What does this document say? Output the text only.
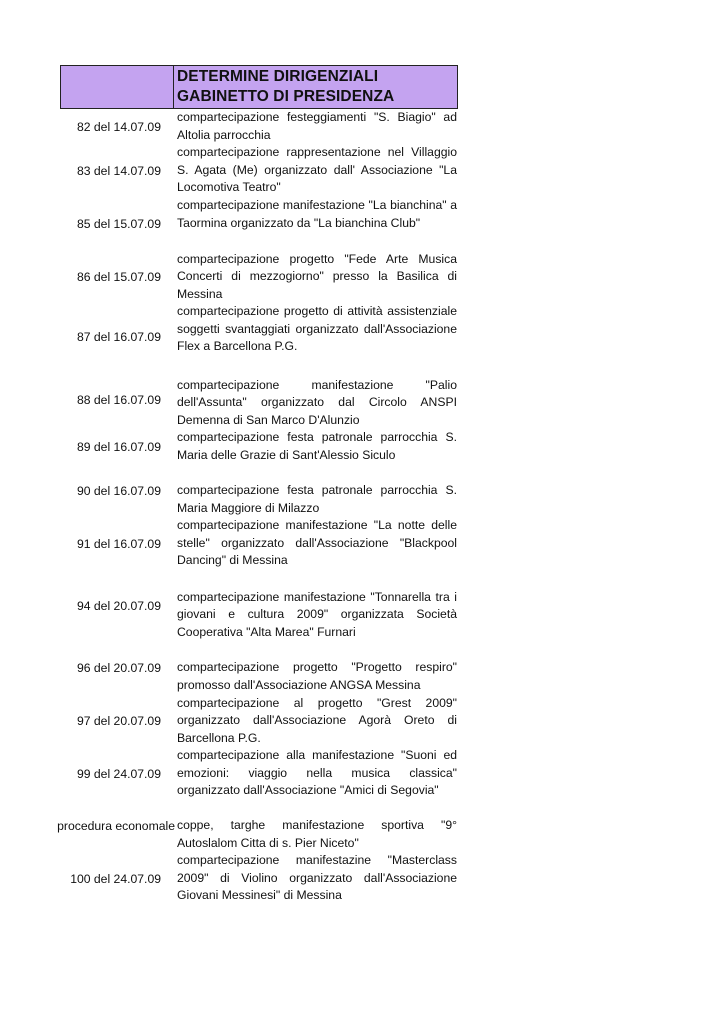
DETERMINE DIRIGENZIALI
GABINETTO DI PRESIDENZA
82 del 14.07.09
compartecipazione festeggiamenti "S. Biagio" ad Altolia parrocchia
83 del 14.07.09
compartecipazione rappresentazione nel Villaggio S. Agata (Me) organizzato dall' Associazione "La Locomotiva Teatro"
85 del 15.07.09
compartecipazione manifestazione "La bianchina" a Taormina organizzato da "La bianchina Club"
86 del 15.07.09
compartecipazione progetto "Fede Arte Musica Concerti di mezzogiorno" presso la Basilica di Messina
87 del 16.07.09
compartecipazione progetto di attività assistenziale soggetti svantaggiati organizzato dall'Associazione Flex a Barcellona P.G.
88 del 16.07.09
compartecipazione manifestazione "Palio dell'Assunta" organizzato dal Circolo ANSPI Demenna di San Marco D'Alunzio
89 del 16.07.09
compartecipazione festa patronale parrocchia S. Maria delle Grazie di Sant'Alessio Siculo
90 del 16.07.09	compartecipazione festa patronale parrocchia S. Maria Maggiore di Milazzo
91 del 16.07.09
compartecipazione manifestazione "La notte delle stelle" organizzato dall'Associazione "Blackpool Dancing" di Messina
94 del 20.07.09
compartecipazione manifestazione "Tonnarella tra i giovani e cultura 2009" organizzata Società Cooperativa "Alta Marea" Furnari
96 del 20.07.09	compartecipazione progetto "Progetto respiro" promosso dall'Associazione ANGSA Messina
97 del 20.07.09
compartecipazione al progetto "Grest 2009" organizzato dall'Associazione Agorà Oreto di Barcellona P.G.
99 del 24.07.09
compartecipazione alla manifestazione "Suoni ed emozioni: viaggio nella musica classica" organizzato dall'Associazione "Amici di Segovia"
procedura economale coppe, targhe manifestazione sportiva "9° Autoslalom Citta di s. Pier Niceto"
100 del 24.07.09
compartecipazione manifestazine "Masterclass 2009" di Violino organizzato dall'Associazione Giovani Messinesi" di Messina
